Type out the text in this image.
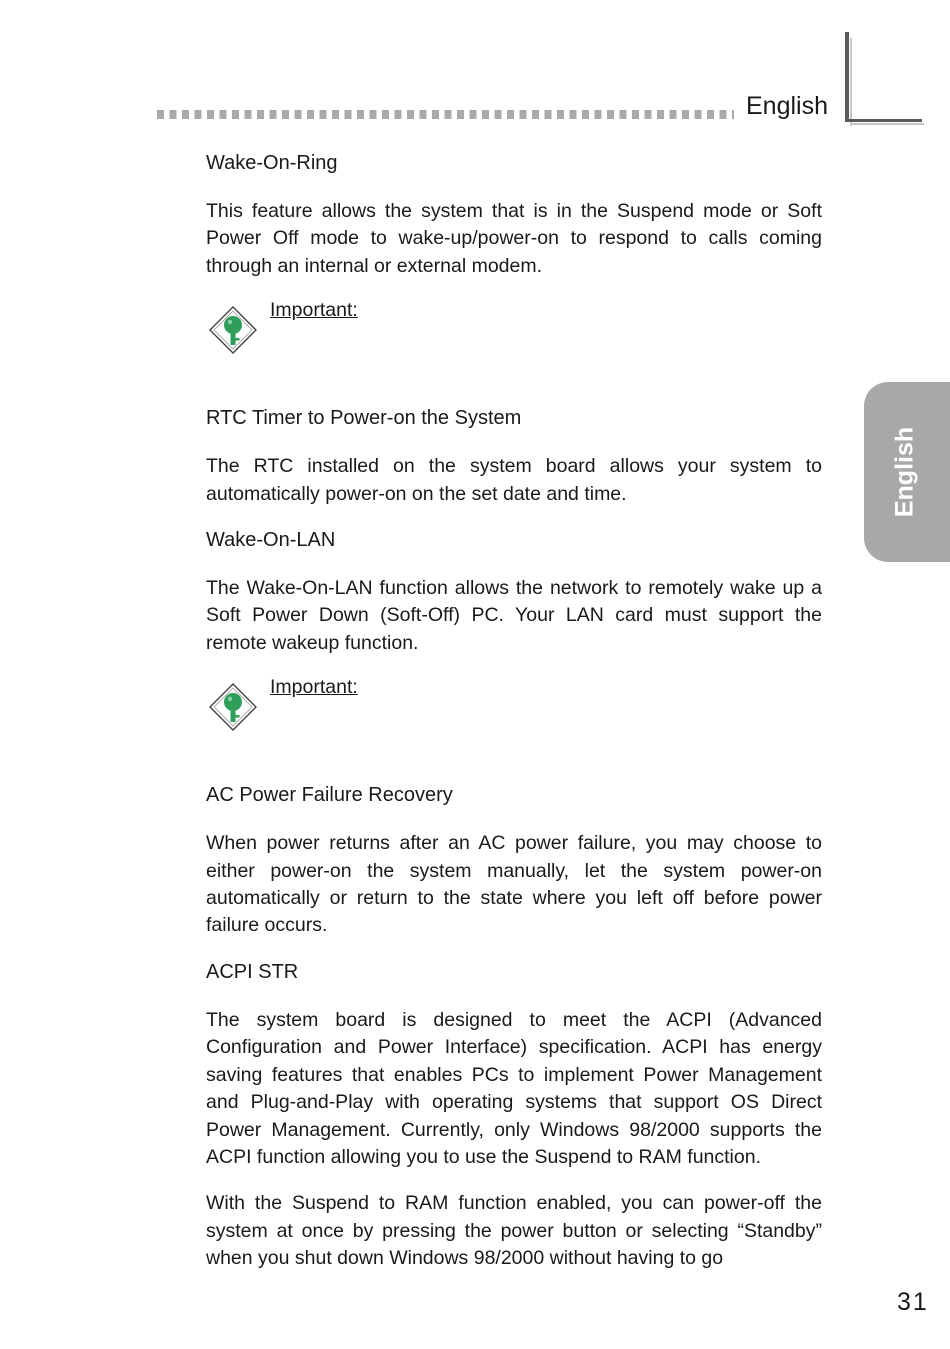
English
English
Wake-On-Ring

This feature allows the system that is in the Suspend mode or Soft Power Off mode to wake-up/power-on to respond to calls coming through an internal or external modem.

Important:
RTC Timer to Power-on the System

The RTC installed on the system board allows your system to automatically power-on on the set date and time.

Wake-On-LAN

The Wake-On-LAN function allows the network to remotely wake up a Soft Power Down (Soft-Off) PC. Your LAN card must support the remote wakeup function.

Important:
AC Power Failure Recovery

When power returns after an AC power failure, you may choose to either power-on the system manually, let the system power-on automatically or return to the state where you left off before power failure occurs.

ACPI STR

The system board is designed to meet the ACPI (Advanced Configuration and Power Interface) specification. ACPI has energy saving features that enables PCs to implement Power Management and Plug-and-Play with operating systems that support OS Direct Power Management. Currently, only Windows 98/2000 supports the ACPI function allowing you to use the Suspend to RAM function.

With the Suspend to RAM function enabled, you can power-off the system at once by pressing the power button or selecting “Standby” when you shut down Windows 98/2000 without having to go

31
